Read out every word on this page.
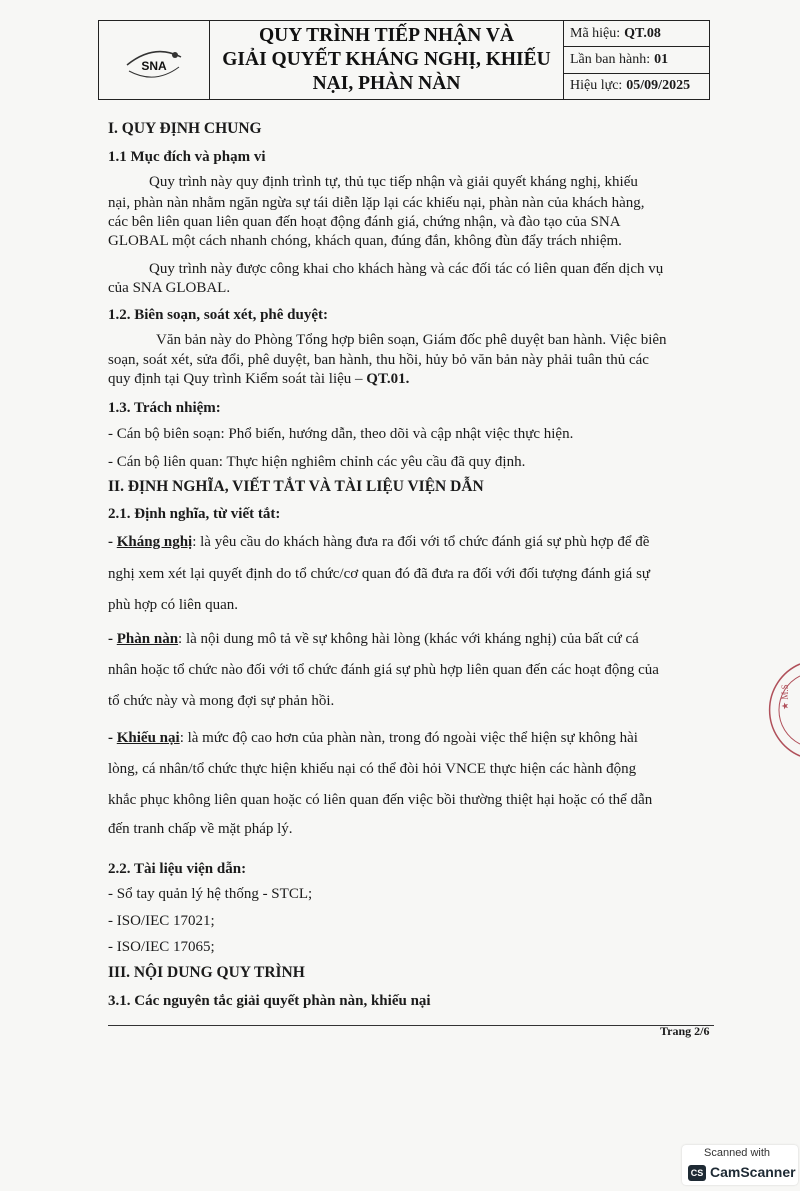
SNA
QUY TRÌNH TIẾP NHẬN VÀ
GIẢI QUYẾT KHÁNG NGHỊ, KHIẾU
NẠI, PHÀN NÀN
Mã hiệu: QT.08
Lần ban hành: 01
Hiệu lực: 05/09/2025
I. QUY ĐỊNH CHUNG
1.1 Mục đích và phạm vi
Quy trình này quy định trình tự, thủ tục tiếp nhận và giải quyết kháng nghị, khiếu
nại, phàn nàn nhằm ngăn ngừa sự tái diễn lặp lại các khiếu nại, phàn nàn của khách hàng,
các bên liên quan liên quan đến hoạt động đánh giá, chứng nhận, và đào tạo của SNA
GLOBAL một cách nhanh chóng, khách quan, đúng đắn, không đùn đẩy trách nhiệm.
Quy trình này được công khai cho khách hàng và các đối tác có liên quan đến dịch vụ
của SNA GLOBAL.
1.2. Biên soạn, soát xét, phê duyệt:
Văn bản này do Phòng Tổng hợp biên soạn, Giám đốc phê duyệt ban hành. Việc biên
soạn, soát xét, sửa đổi, phê duyệt, ban hành, thu hồi, hủy bỏ văn bản này phải tuân thủ các
quy định tại Quy trình Kiểm soát tài liệu – QT.01.
1.3. Trách nhiệm:
- Cán bộ biên soạn: Phổ biến, hướng dẫn, theo dõi và cập nhật việc thực hiện.
- Cán bộ liên quan: Thực hiện nghiêm chỉnh các yêu cầu đã quy định.
II. ĐỊNH NGHĨA, VIẾT TẮT VÀ TÀI LIỆU VIỆN DẪN
2.1. Định nghĩa, từ viết tắt:
- Kháng nghị: là yêu cầu do khách hàng đưa ra đối với tổ chức đánh giá sự phù hợp để đề
nghị xem xét lại quyết định do tổ chức/cơ quan đó đã đưa ra đối với đối tượng đánh giá sự
phù hợp có liên quan.
- Phàn nàn: là nội dung mô tả về sự không hài lòng (khác với kháng nghị) của bất cứ cá
nhân hoặc tổ chức nào đối với tổ chức đánh giá sự phù hợp liên quan đến các hoạt động của
tổ chức này và mong đợi sự phản hồi.
- Khiếu nại: là mức độ cao hơn của phàn nàn, trong đó ngoài việc thể hiện sự không hài
lòng, cá nhân/tổ chức thực hiện khiếu nại có thể đòi hỏi VNCE thực hiện các hành động
khắc phục không liên quan hoặc có liên quan đến việc bồi thường thiệt hại hoặc có thể dẫn
đến tranh chấp về mặt pháp lý.
2.2. Tài liệu viện dẫn:
- Sổ tay quản lý hệ thống - STCL;
- ISO/IEC 17021;
- ISO/IEC 17065;
III. NỘI DUNG QUY TRÌNH
3.1. Các nguyên tắc giải quyết phàn nàn, khiếu nại
Trang 2/6
★ M.S
Scanned with
CS CamScanner
